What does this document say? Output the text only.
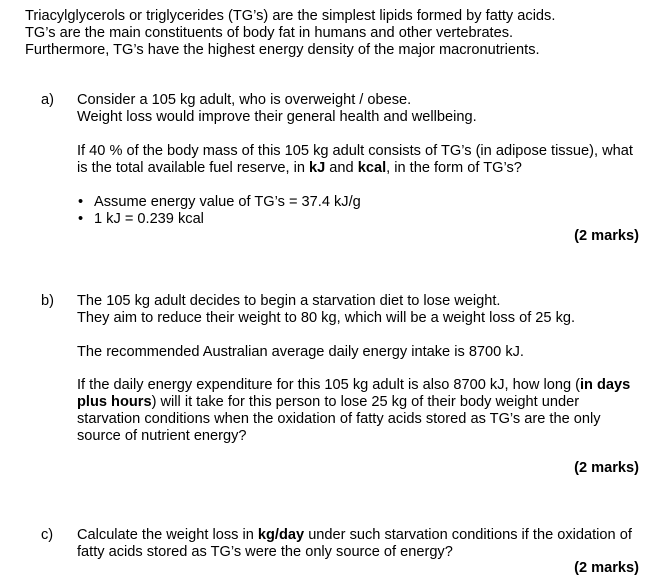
Triacylglycerols or triglycerides (TG’s) are the simplest lipids formed by fatty acids.
TG’s are the main constituents of body fat in humans and other vertebrates.
Furthermore, TG’s have the highest energy density of the major macronutrients.
a) Consider a 105 kg adult, who is overweight / obese.
Weight loss would improve their general health and wellbeing.
If 40 % of the body mass of this 105 kg adult consists of TG’s (in adipose tissue), what
is the total available fuel reserve, in kJ and kcal, in the form of TG’s?
• Assume energy value of TG’s = 37.4 kJ/g
• 1 kJ = 0.239 kcal
(2 marks)
b) The 105 kg adult decides to begin a starvation diet to lose weight.
They aim to reduce their weight to 80 kg, which will be a weight loss of 25 kg.
The recommended Australian average daily energy intake is 8700 kJ.
If the daily energy expenditure for this 105 kg adult is also 8700 kJ, how long (in days
plus hours) will it take for this person to lose 25 kg of their body weight under
starvation conditions when the oxidation of fatty acids stored as TG’s are the only
source of nutrient energy?
(2 marks)
c) Calculate the weight loss in kg/day under such starvation conditions if the oxidation of
fatty acids stored as TG’s were the only source of energy?
(2 marks)
